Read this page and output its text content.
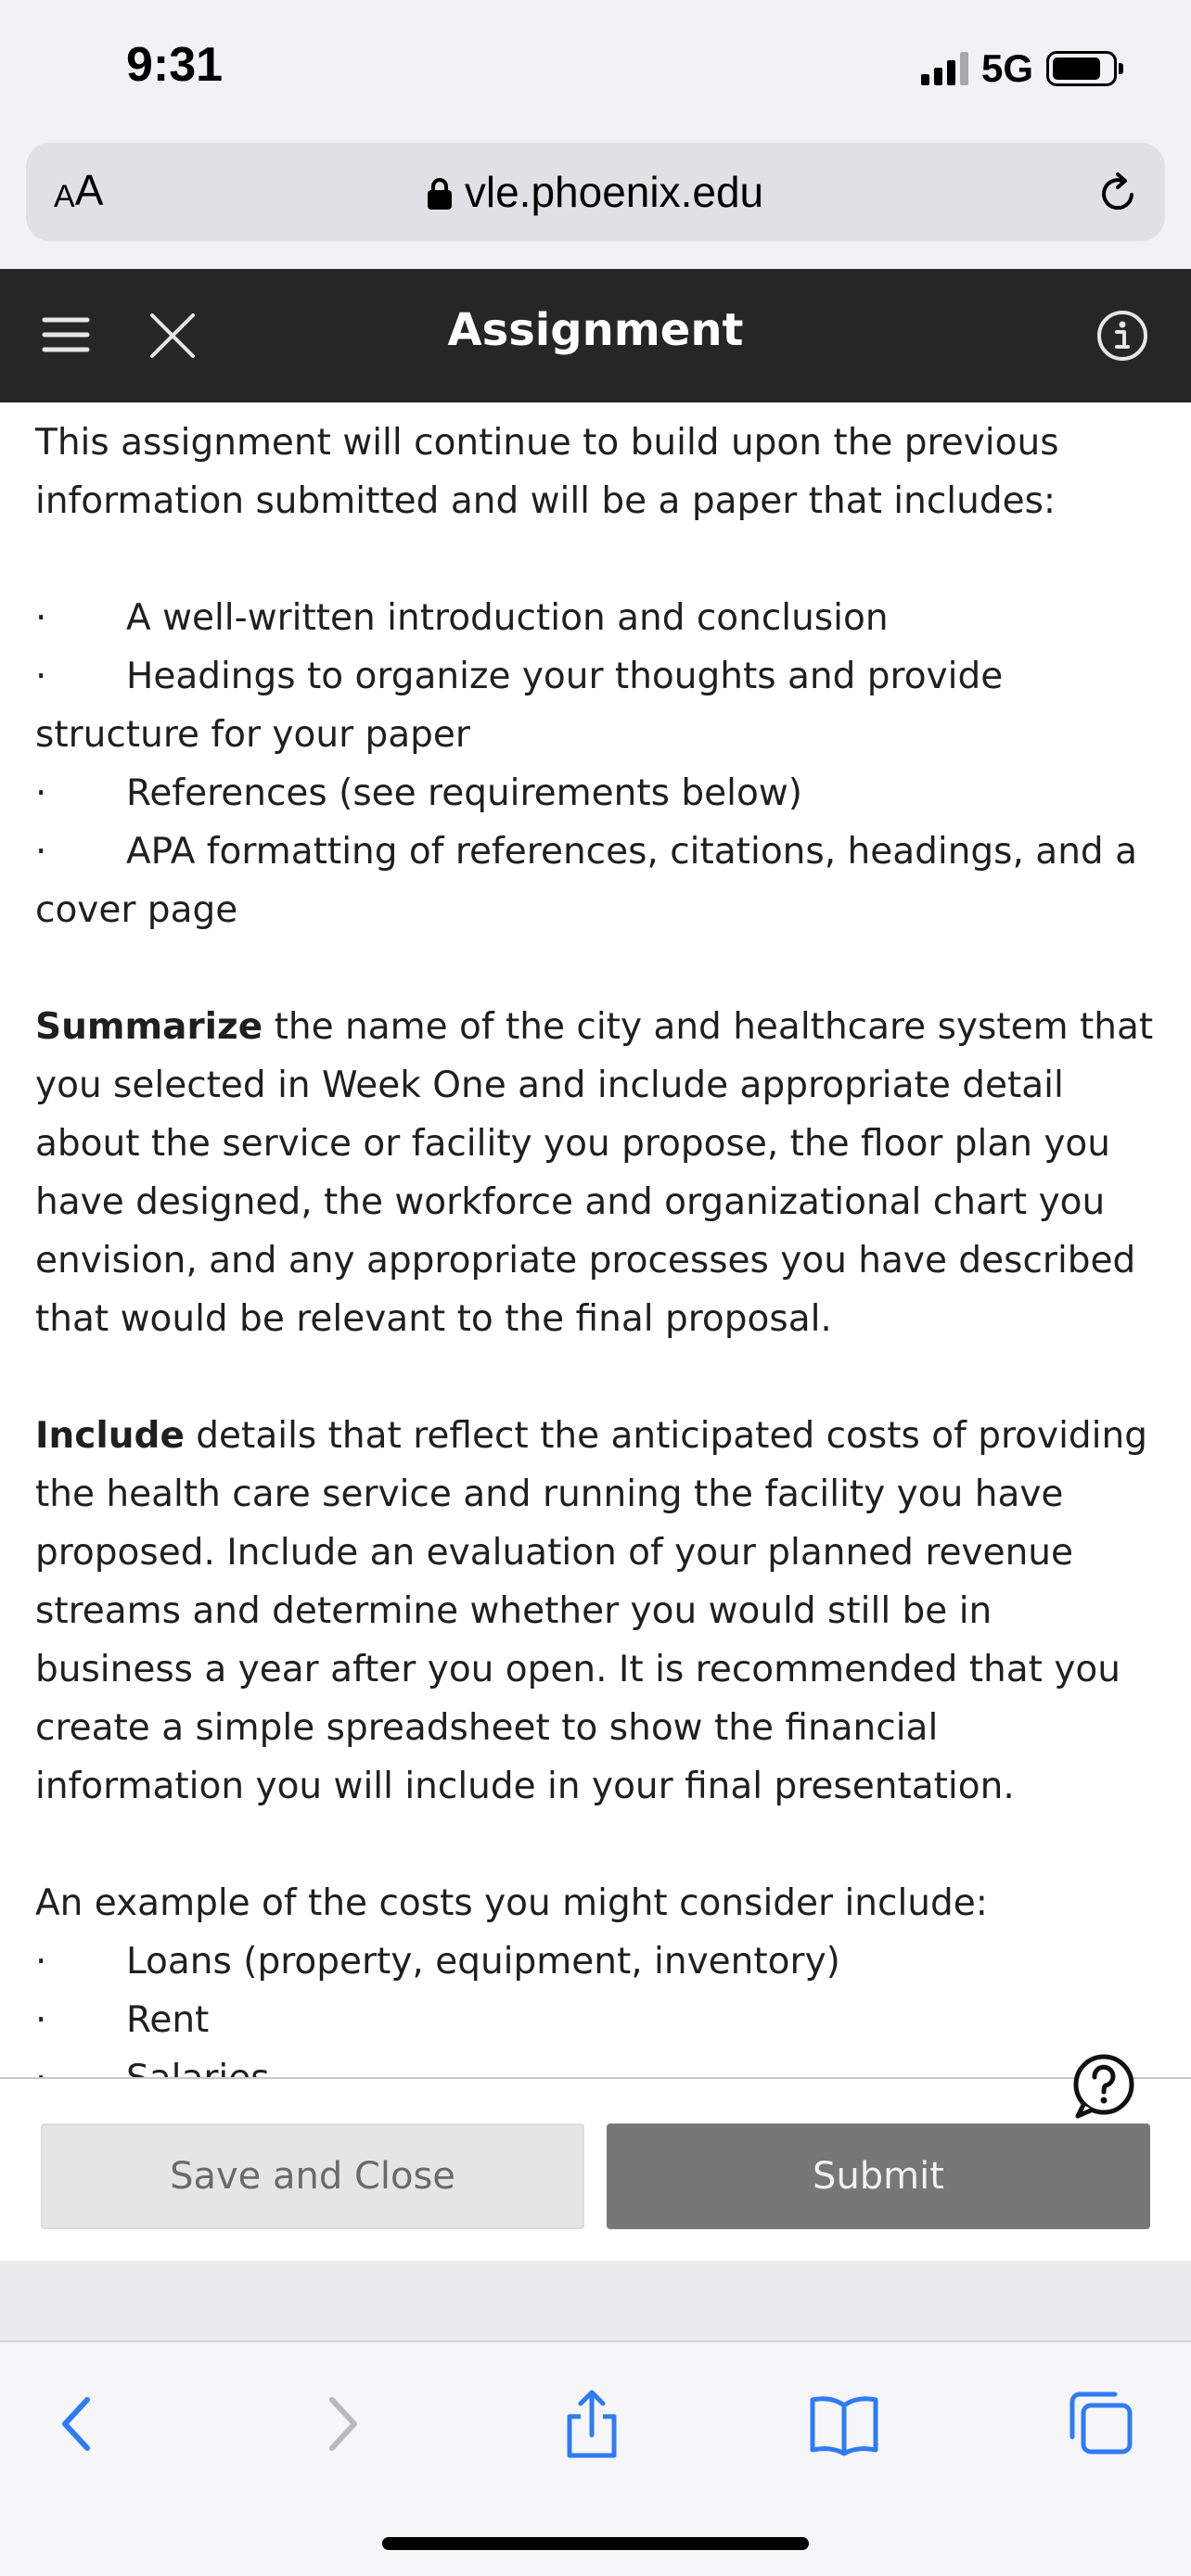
9:31	5G
A A	vle.phoenix.edu
Assignment

This assignment will continue to build upon the previous information submitted and will be a paper that includes:

· A well-written introduction and conclusion

· Headings to organize your thoughts and provide structure for your paper

· References (see requirements below)

· APA formatting of references, citations, headings, and a cover page

Summarize the name of the city and healthcare system that you selected in Week One and include appropriate detail about the service or facility you propose, the floor plan you have designed, the workforce and organizational chart you envision, and any appropriate processes you have described that would be relevant to the final proposal.

Include details that reflect the anticipated costs of providing the health care service and running the facility you have proposed. Include an evaluation of your planned revenue streams and determine whether you would still be in business a year after you open. It is recommended that you create a simple spreadsheet to show the financial information you will include in your final presentation.

An example of the costs you might consider include:

· Loans (property, equipment, inventory)

· Rent

Save and Close	Submit
